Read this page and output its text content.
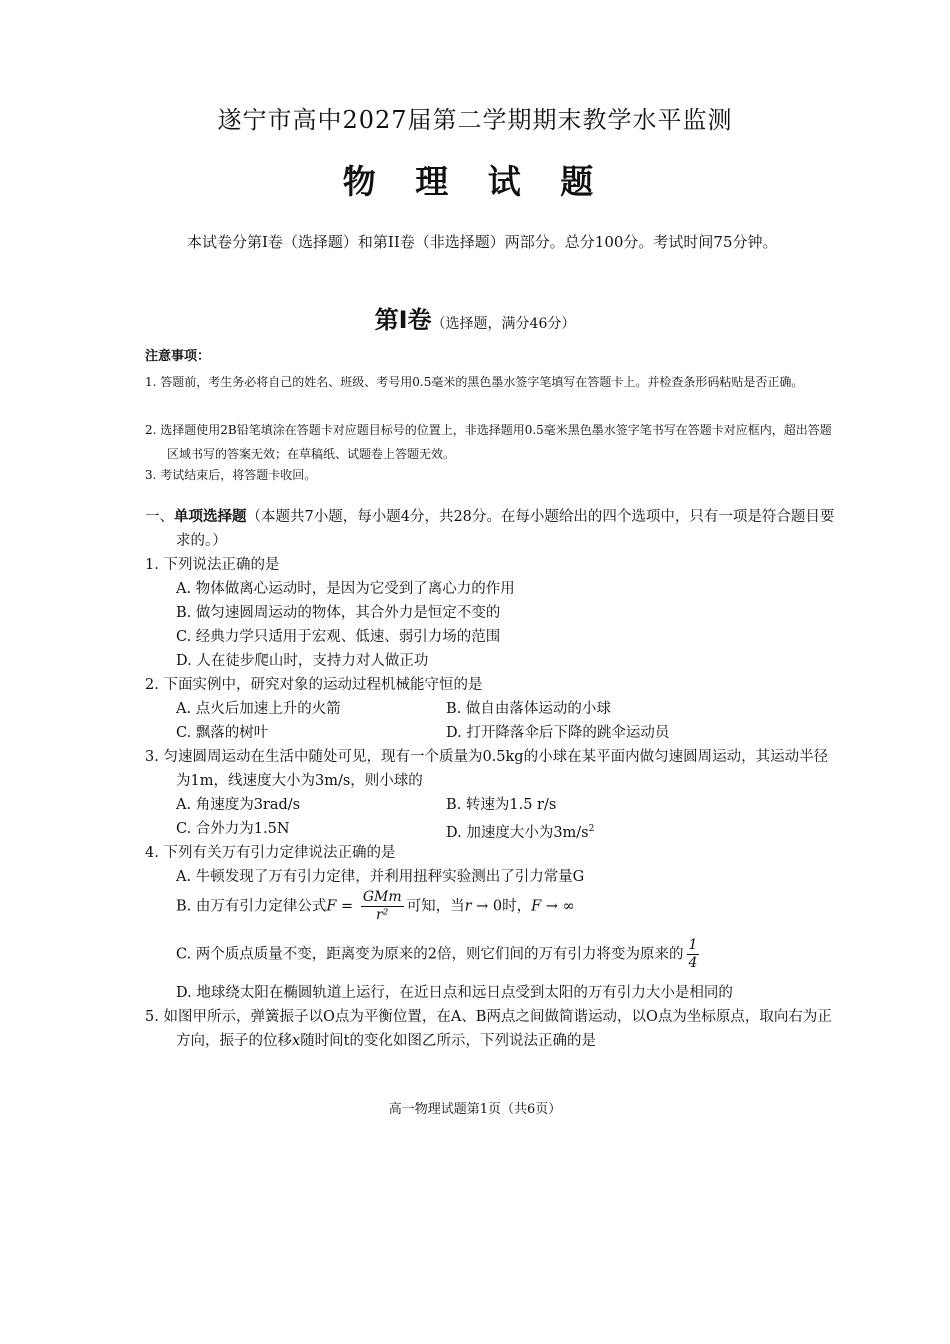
遂宁市高中2027届第二学期期末教学水平监测
物 理 试 题
本试卷分第Ⅰ卷（选择题）和第II卷（非选择题）两部分。总分100分。考试时间75分钟。
第Ⅰ卷（选择题，满分46分）
注意事项：
1. 答题前，考生务必将自己的姓名、班级、考号用0.5毫米的黑色墨水签字笔填写在答题卡上。并检查条形码粘贴是否正确。
2. 选择题使用2B铅笔填涂在答题卡对应题目标号的位置上，非选择题用0.5毫米黑色墨水签字笔书写在答题卡对应框内，超出答题区域书写的答案无效；在草稿纸、试题卷上答题无效。
3. 考试结束后，将答题卡收回。
一、单项选择题（本题共7小题，每小题4分，共28分。在每小题给出的四个选项中，只有一项是符合题目要求的。）
1. 下列说法正确的是
A. 物体做离心运动时，是因为它受到了离心力的作用
B. 做匀速圆周运动的物体，其合外力是恒定不变的
C. 经典力学只适用于宏观、低速、弱引力场的范围
D. 人在徒步爬山时，支持力对人做正功
2. 下面实例中，研究对象的运动过程机械能守恒的是
A. 点火后加速上升的火箭	B. 做自由落体运动的小球
C. 飘落的树叶	D. 打开降落伞后下降的跳伞运动员
3. 匀速圆周运动在生活中随处可见，现有一个质量为0.5kg的小球在某平面内做匀速圆周运动，其运动半径为1m，线速度大小为3m/s，则小球的
A. 角速度为3rad/s	B. 转速为1.5 r/s
C. 合外力为1.5N	D. 加速度大小为$3m/s^2$
4. 下列有关万有引力定律说法正确的是
A. 牛顿发现了万有引力定律，并利用扭秤实验测出了引力常量G
B. 由万有引力定律公式$F = \frac{\text{GMm}}{\text{r²}}$ 可知，当r → 0时，F → ∞
C. 两个质点质量不变，距离变为原来的2倍，则它们间的万有引力将变为原来的 $\frac{1}{4}$
D. 地球绕太阳在椭圆轨道上运行，在近日点和远日点受到太阳的万有引力大小是相同的
5. 如图甲所示，弹簧振子以O点为平衡位置，在A、B两点之间做简谐运动，以O点为坐标原点，取向右为正方向，振子的位移x随时间t的变化如图乙所示，下列说法正确的是
高一物理试题第1页（共6页）
